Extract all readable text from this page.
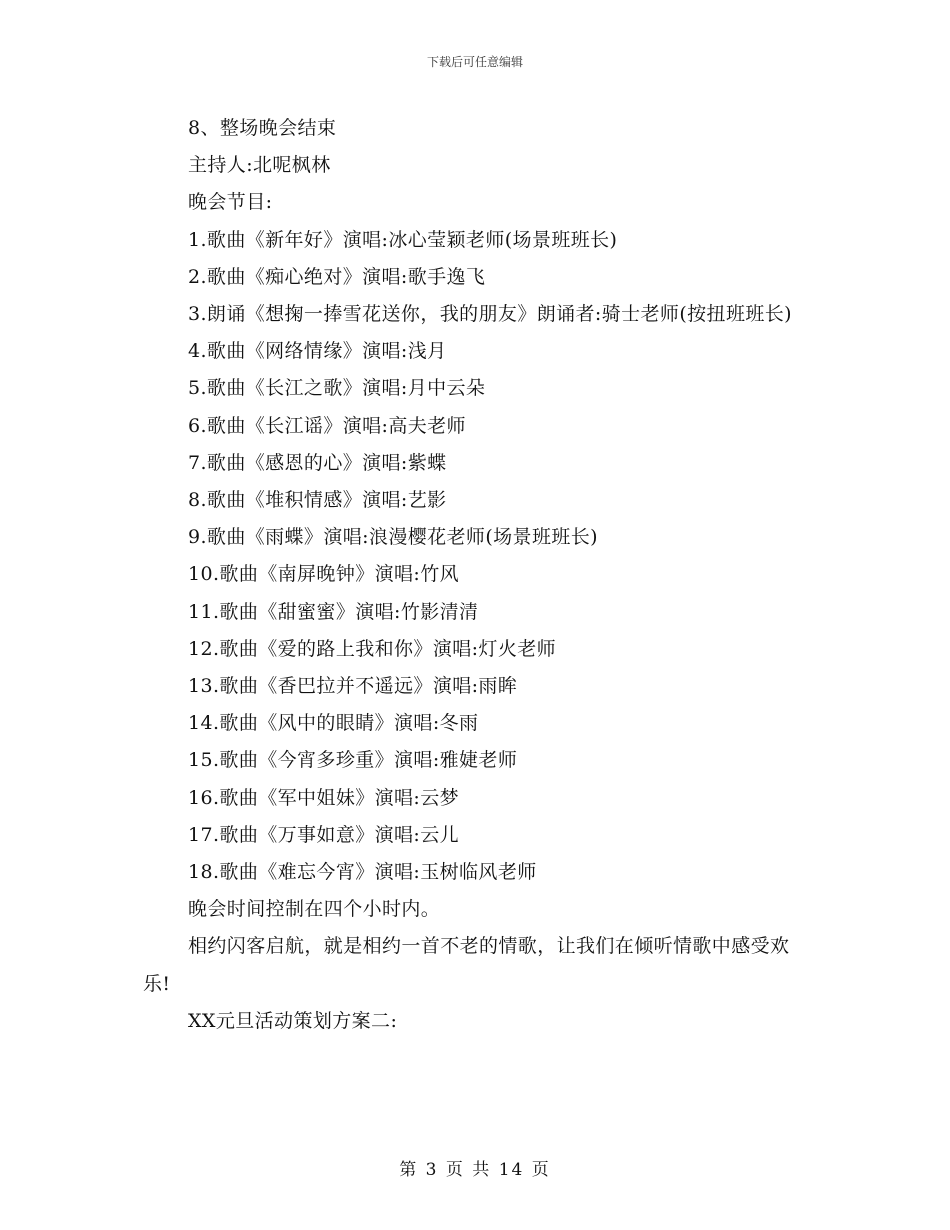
下载后可任意编辑

8、整场晚会结束

主持人:北呢枫林

晚会节目:

1.歌曲《新年好》演唱:冰心莹颖老师(场景班班长)

2.歌曲《痴心绝对》演唱:歌手逸飞

3.朗诵《想掬一捧雪花送你，我的朋友》朗诵者:骑士老师(按扭班班长)

4.歌曲《网络情缘》演唱:浅月

5.歌曲《长江之歌》演唱:月中云朵

6.歌曲《长江谣》演唱:高夫老师

7.歌曲《感恩的心》演唱:紫蝶

8.歌曲《堆积情感》演唱:艺影

9.歌曲《雨蝶》演唱:浪漫樱花老师(场景班班长)

10.歌曲《南屏晚钟》演唱:竹风

11.歌曲《甜蜜蜜》演唱:竹影清清

12.歌曲《爱的路上我和你》演唱:灯火老师

13.歌曲《香巴拉并不遥远》演唱:雨眸

14.歌曲《风中的眼睛》演唱:冬雨

15.歌曲《今宵多珍重》演唱:雅婕老师

16.歌曲《军中姐妹》演唱:云梦

17.歌曲《万事如意》演唱:云儿

18.歌曲《难忘今宵》演唱:玉树临风老师

晚会时间控制在四个小时内。

相约闪客启航，就是相约一首不老的情歌，让我们在倾听情歌中感受欢乐!

XX元旦活动策划方案二:

第 3 页 共 14 页
